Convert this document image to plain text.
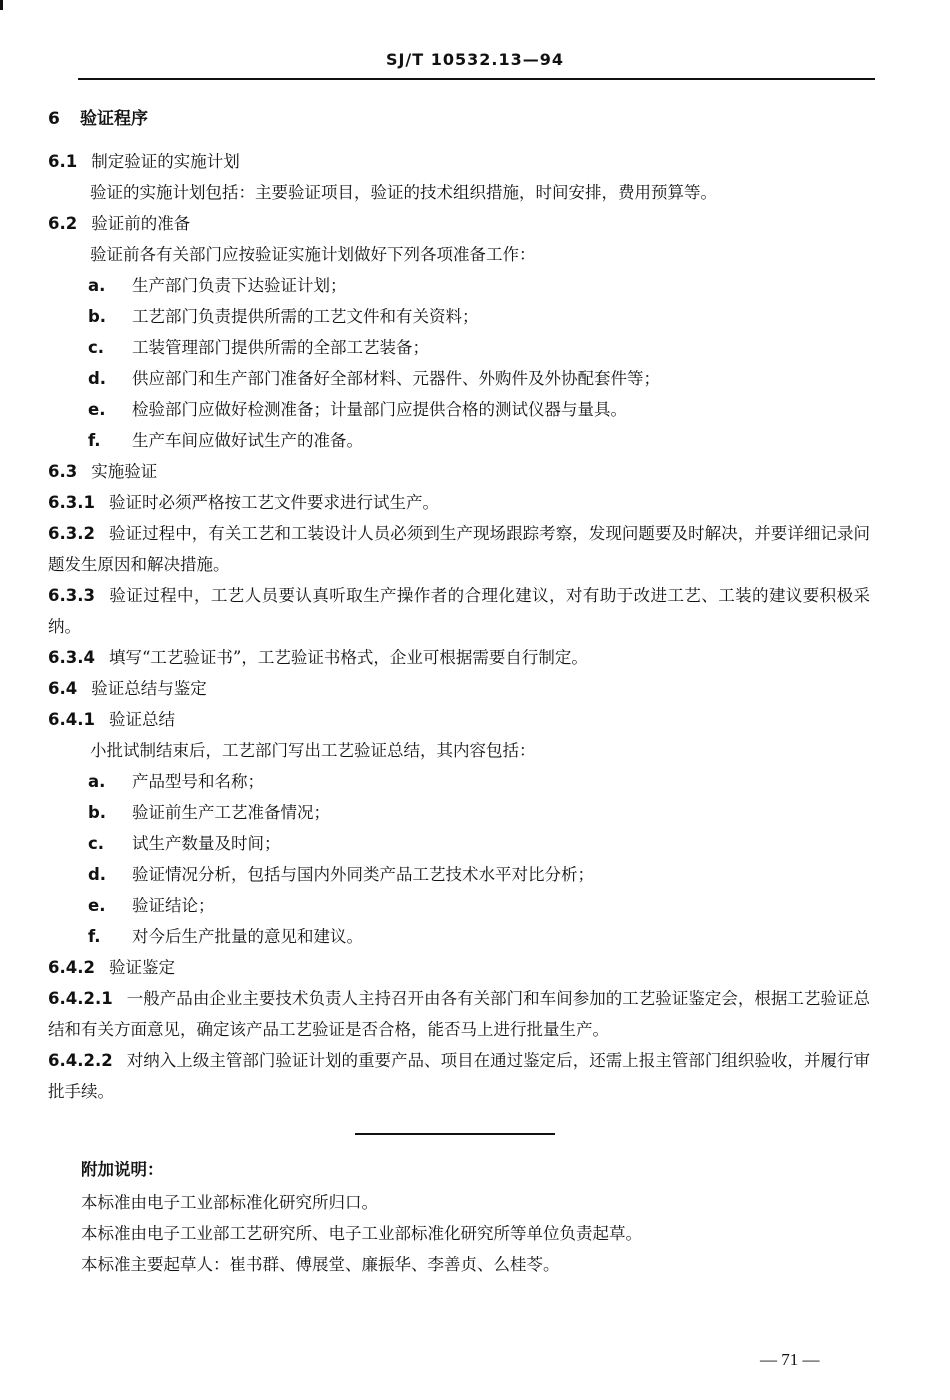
SJ/T 10532.13—94
6 验证程序
6.1 制定验证的实施计划
验证的实施计划包括：主要验证项目，验证的技术组织措施，时间安排，费用预算等。
6.2 验证前的准备
验证前各有关部门应按验证实施计划做好下列各项准备工作：
a. 生产部门负责下达验证计划；
b. 工艺部门负责提供所需的工艺文件和有关资料；
c. 工装管理部门提供所需的全部工艺装备；
d. 供应部门和生产部门准备好全部材料、元器件、外购件及外协配套件等；
e. 检验部门应做好检测准备；计量部门应提供合格的测试仪器与量具。
f. 生产车间应做好试生产的准备。
6.3 实施验证
6.3.1 验证时必须严格按工艺文件要求进行试生产。
6.3.2 验证过程中，有关工艺和工装设计人员必须到生产现场跟踪考察，发现问题要及时解决，并要详细记录问题发生原因和解决措施。
6.3.3 验证过程中，工艺人员要认真听取生产操作者的合理化建议，对有助于改进工艺、工装的建议要积极采纳。
6.3.4 填写“工艺验证书”，工艺验证书格式，企业可根据需要自行制定。
6.4 验证总结与鉴定
6.4.1 验证总结
小批试制结束后，工艺部门写出工艺验证总结，其内容包括：
a. 产品型号和名称；
b. 验证前生产工艺准备情况；
c. 试生产数量及时间；
d. 验证情况分析，包括与国内外同类产品工艺技术水平对比分析；
e. 验证结论；
f. 对今后生产批量的意见和建议。
6.4.2 验证鉴定
6.4.2.1 一般产品由企业主要技术负责人主持召开由各有关部门和车间参加的工艺验证鉴定会，根据工艺验证总结和有关方面意见，确定该产品工艺验证是否合格，能否马上进行批量生产。
6.4.2.2 对纳入上级主管部门验证计划的重要产品、项目在通过鉴定后，还需上报主管部门组织验收，并履行审批手续。
附加说明：
本标准由电子工业部标准化研究所归口。
本标准由电子工业部工艺研究所、电子工业部标准化研究所等单位负责起草。
本标准主要起草人：崔书群、傅展堂、廉振华、李善贞、么桂苓。
— 71 —
